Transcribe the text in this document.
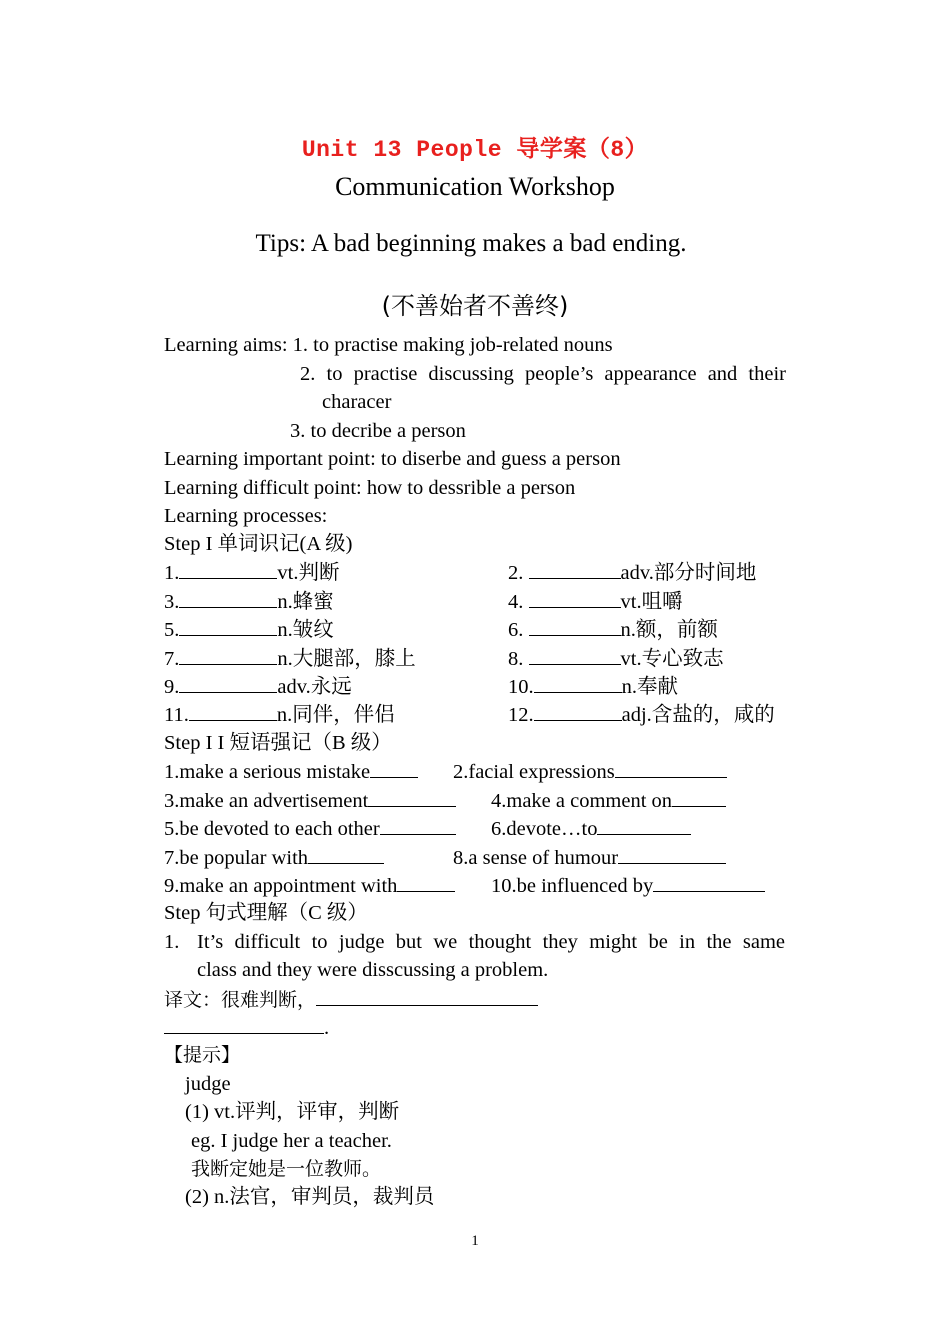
Unit 13 People 导学案（8）
Communication Workshop
Tips: A bad beginning makes a bad ending.
(不善始者不善终)
Learning aims: 1. to practise making job-related nouns
2. to practise discussing people’s appearance and their
characer
3. to decribe a person
Learning important point: to diserbe and guess a person
Learning difficult point: how to dessrible a person
Learning processes:
Step I 单词识记(A 级)
1.	vt.判断	2.	adv.部分时间地
3.	n.蜂蜜	4.	vt.咀嚼
5.	n.皱纹	6.	n.额，前额
7.	n.大腿部，膝上	8.	vt.专心致志
9.	adv.永远	10.	n.奉献
11.	n.同伴，伴侣	12.	adj.含盐的，咸的
Step I I 短语强记（B 级）
1.make a serious mistake	2.facial expressions
3.make an advertisement	4.make a comment on
5.be devoted to each other	6.devote…to
7.be popular with	8.a sense of humour
9.make an appointment with	10.be influenced by
Step 句式理解（C 级）
1. It’s difficult to judge but we thought they might be in the same
class and they were disscussing a problem.
译文：很难判断，
.
【提示】
judge
(1) vt.评判，评审，判断
eg. I judge her a teacher.
我断定她是一位教师。
(2) n.法官，审判员，裁判员
1
